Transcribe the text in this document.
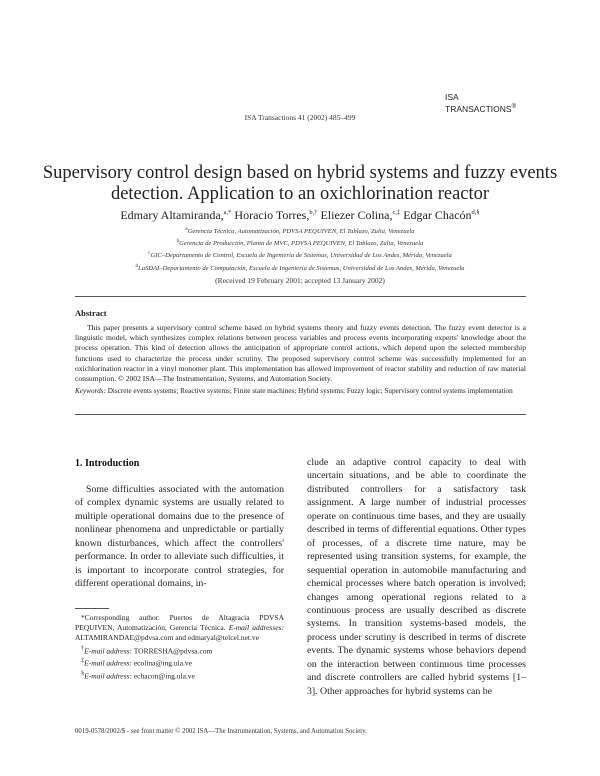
ISA
TRANSACTIONS®
ISA Transactions 41 (2002) 485–499
Supervisory control design based on hybrid systems and fuzzy events detection. Application to an oxichlorination reactor
Edmary Altamiranda,$^{a,*}$ Horacio Torres,$^{b,\dagger}$ Eliezer Colina,$^{c,\ddagger}$ Edgar Chacón$^{d,\S}$
$^a$Gerencia Técnica, Automatización, PDVSA PEQUIVEN, El Tablazo, Zulia, Venezuela
$^b$Gerencia de Producción, Planta de MVC, PDVSA PEQUIVEN, El Tablazo, Zulia, Venezuela
$^c$GIC–Departamento de Control, Escuela de Ingeniería de Sistemas, Universidad de Los Andes, Mérida, Venezuela
$^d$LaSDAI–Departamento de Computación, Escuela de Ingeniería de Sistemas, Universidad de Los Andes, Mérida, Venezuela
(Received 19 February 2001; accepted 13 January 2002)
Abstract
This paper presents a supervisory control scheme based on hybrid systems theory and fuzzy events detection. The fuzzy event detector is a linguistic model, which synthesizes complex relations between process variables and process events incorporating experts' knowledge about the process operation. This kind of detection allows the anticipation of appropriate control actions, which depend upon the selected membership functions used to characterize the process under scrutiny. The proposed supervisory control scheme was successfully implemented for an oxichlorination reactor in a vinyl monomer plant. This implementation has allowed improvement of reactor stability and reduction of raw material consumption. © 2002 ISA—The Instrumentation, Systems, and Automation Society.
Keywords: Discrete events systems; Reactive systems; Finite state machines; Hybrid systems; Fuzzy logic; Supervisory control systems implementation
1. Introduction
Some difficulties associated with the automation of complex dynamic systems are usually related to multiple operational domains due to the presence of nonlinear phenomena and unpredictable or partially known disturbances, which affect the controllers' performance. In order to alleviate such difficulties, it is important to incorporate control strategies, for different operational domains, in-
clude an adaptive control capacity to deal with uncertain situations, and be able to coordinate the distributed controllers for a satisfactory task assignment. A large number of industrial processes operate on continuous time bases, and they are usually described in terms of differential equations. Other types of processes, of a discrete time nature, may be represented using transition systems, for example, the sequential operation in automobile manufacturing and chemical processes where batch operation is involved; changes among operational regions related to a continuous process are usually described as discrete systems. In transition systems-based models, the process under scrutiny is described in terms of discrete events. The dynamic systems whose behaviors depend on the interaction between continuous time processes and discrete controllers are called hybrid systems [1–3]. Other approaches for hybrid systems can be
*Corresponding author. Puertos de Altagracia PDVSA PEQUIVEN, Automatización, Gerencia Técnica. E-mail addresses: ALTAMIRANDAE@pdvsa.com and edmaryal@telcel.net.ve
†E-mail address: TORRESHA@pdvsa.com
‡E-mail address: ecolina@ing.ula.ve
§E-mail address: echacon@ing.ula.ve
0019-0578/2002/$ - see front matter © 2002 ISA—The Instrumentation, Systems, and Automation Society.
